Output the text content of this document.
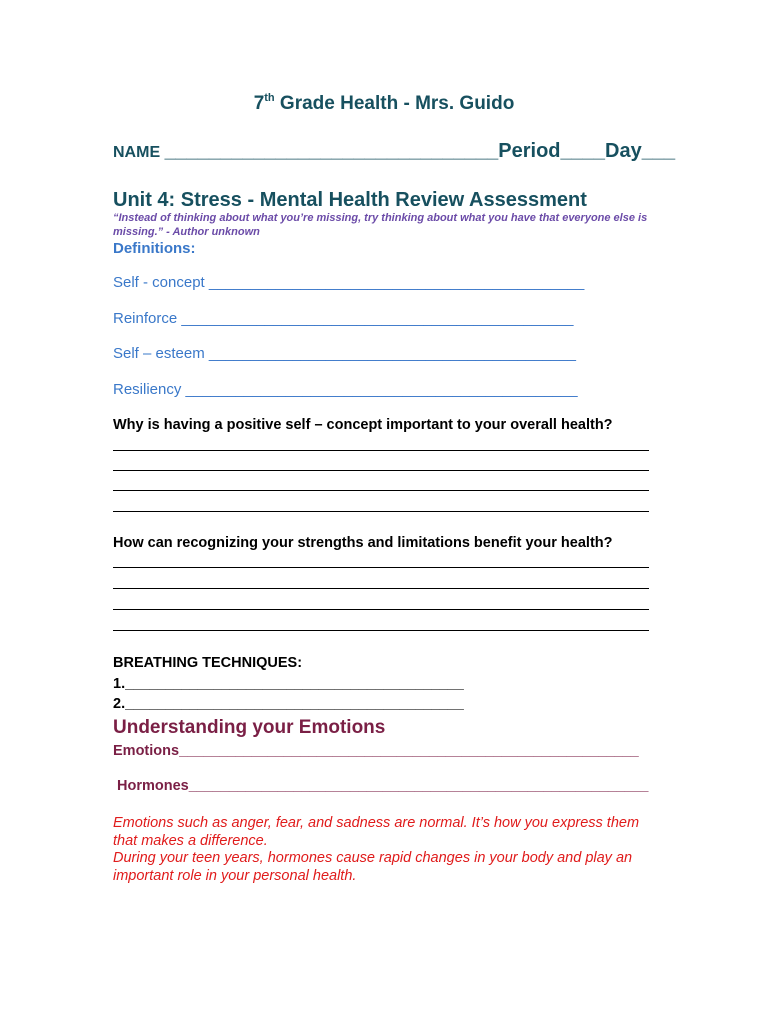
7th Grade Health - Mrs. Guido
NAME ______________________________Period____Day___
Unit 4: Stress - Mental Health Review Assessment
“Instead of thinking about what you’re missing, try thinking about what you have that everyone else is missing.” - Author unknown
Definitions:
Self - concept _____________________________________________
Reinforce _______________________________________________
Self – esteem ____________________________________________
Resiliency _______________________________________________
Why is having a positive self – concept important to your overall health?
How can recognizing your strengths and limitations benefit your health?
BREATHING TECHNIQUES:
1.__________________________________________
2.__________________________________________
Understanding your Emotions
Emotions_________________________________________________________
Hormones_________________________________________________________
Emotions such as anger, fear, and sadness are normal. It’s how you express them that makes a difference.
During your teen years, hormones cause rapid changes in your body and play an important role in your personal health.
